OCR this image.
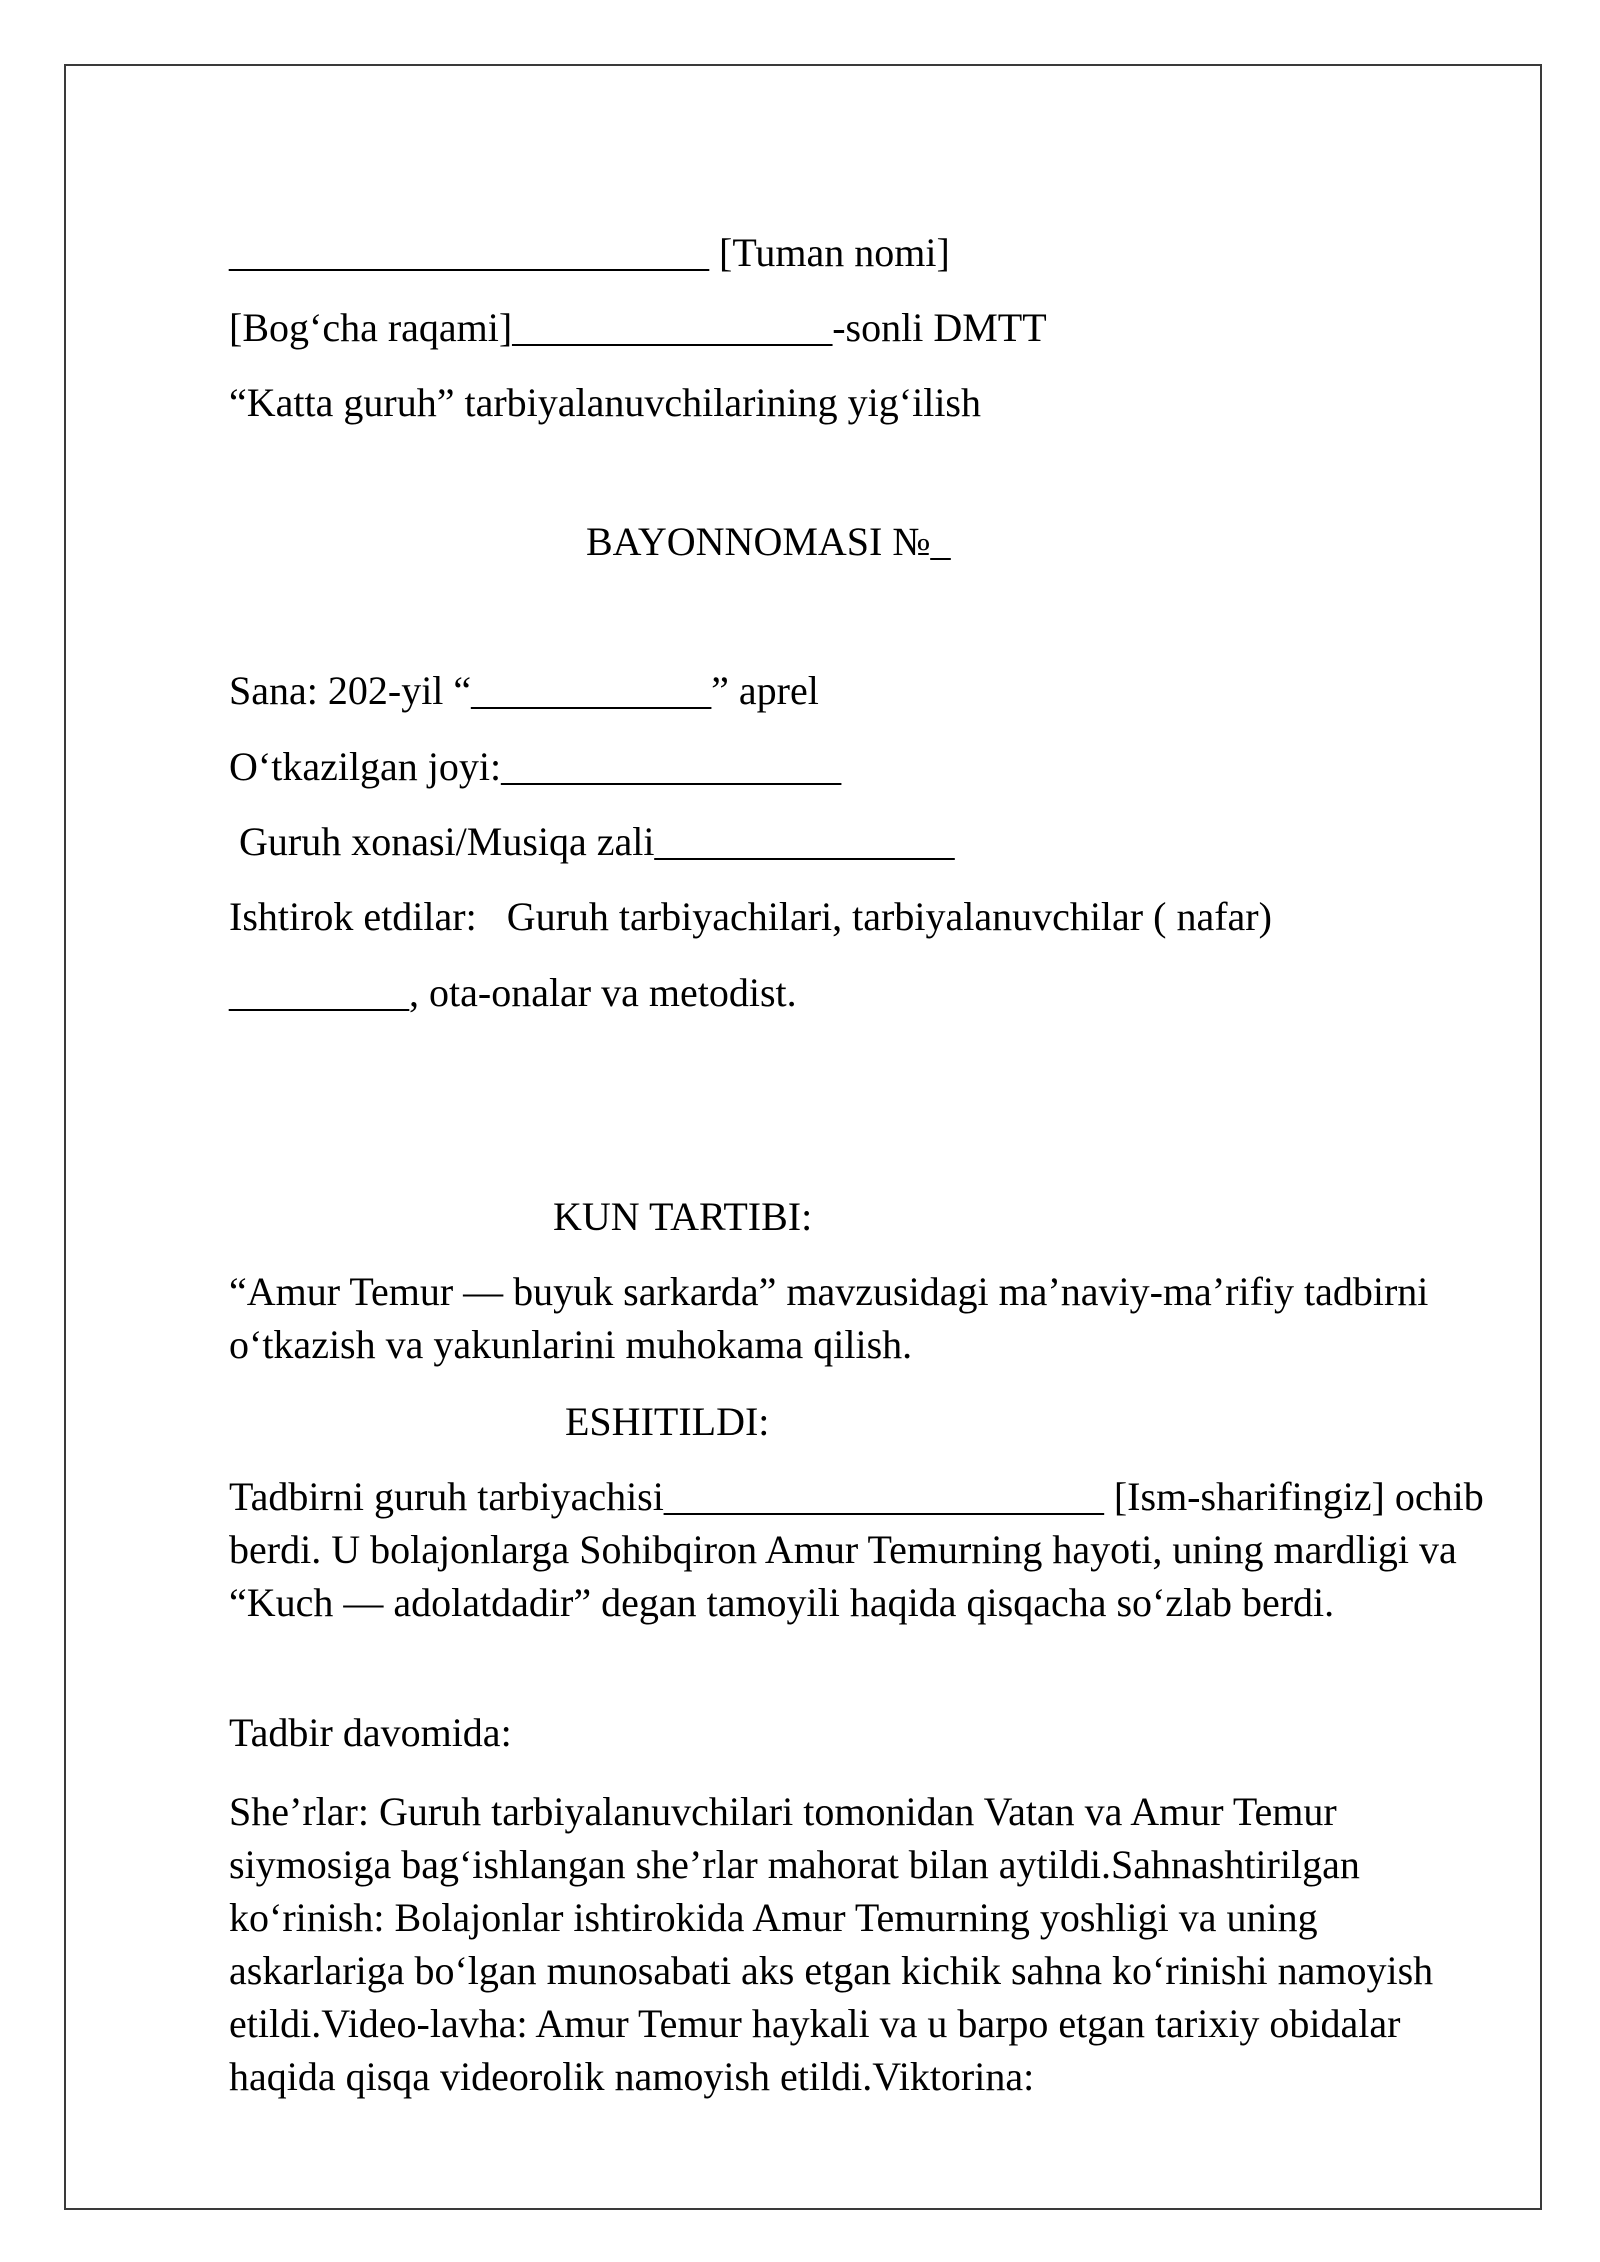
________________________ [Tuman nomi]

[Bog‘cha raqami]________________-sonli DMTT

“Katta guruh” tarbiyalanuvchilarining yig‘ilish

BAYONNOMASI №_

Sana: 202-yil “____________” aprel

O‘tkazilgan joyi:_________________

Guruh xonasi/Musiqa zali_______________

Ishtirok etdilar:   Guruh tarbiyachilari, tarbiyalanuvchilar ( nafar)

_________, ota-onalar va metodist.

KUN TARTIBI:

“Amur Temur — buyuk sarkarda” mavzusidagi ma’naviy-ma’rifiy tadbirni o‘tkazish va yakunlarini muhokama qilish.

ESHITILDI:

Tadbirni guruh tarbiyachisi______________________ [Ism-sharifingiz] ochib berdi. U bolajonlarga Sohibqiron Amur Temurning hayoti, uning mardligi va “Kuch — adolatdadir” degan tamoyili haqida qisqacha so‘zlab berdi.

Tadbir davomida:

She’rlar: Guruh tarbiyalanuvchilari tomonidan Vatan va Amur Temur siymosiga bag‘ishlangan she’rlar mahorat bilan aytildi.Sahnashtirilgan ko‘rinish: Bolajonlar ishtirokida Amur Temurning yoshligi va uning askarlariga bo‘lgan munosabati aks etgan kichik sahna ko‘rinishi namoyish etildi.Video-lavha: Amur Temur haykali va u barpo etgan tarixiy obidalar haqida qisqa videorolik namoyish etildi.Viktorina:
